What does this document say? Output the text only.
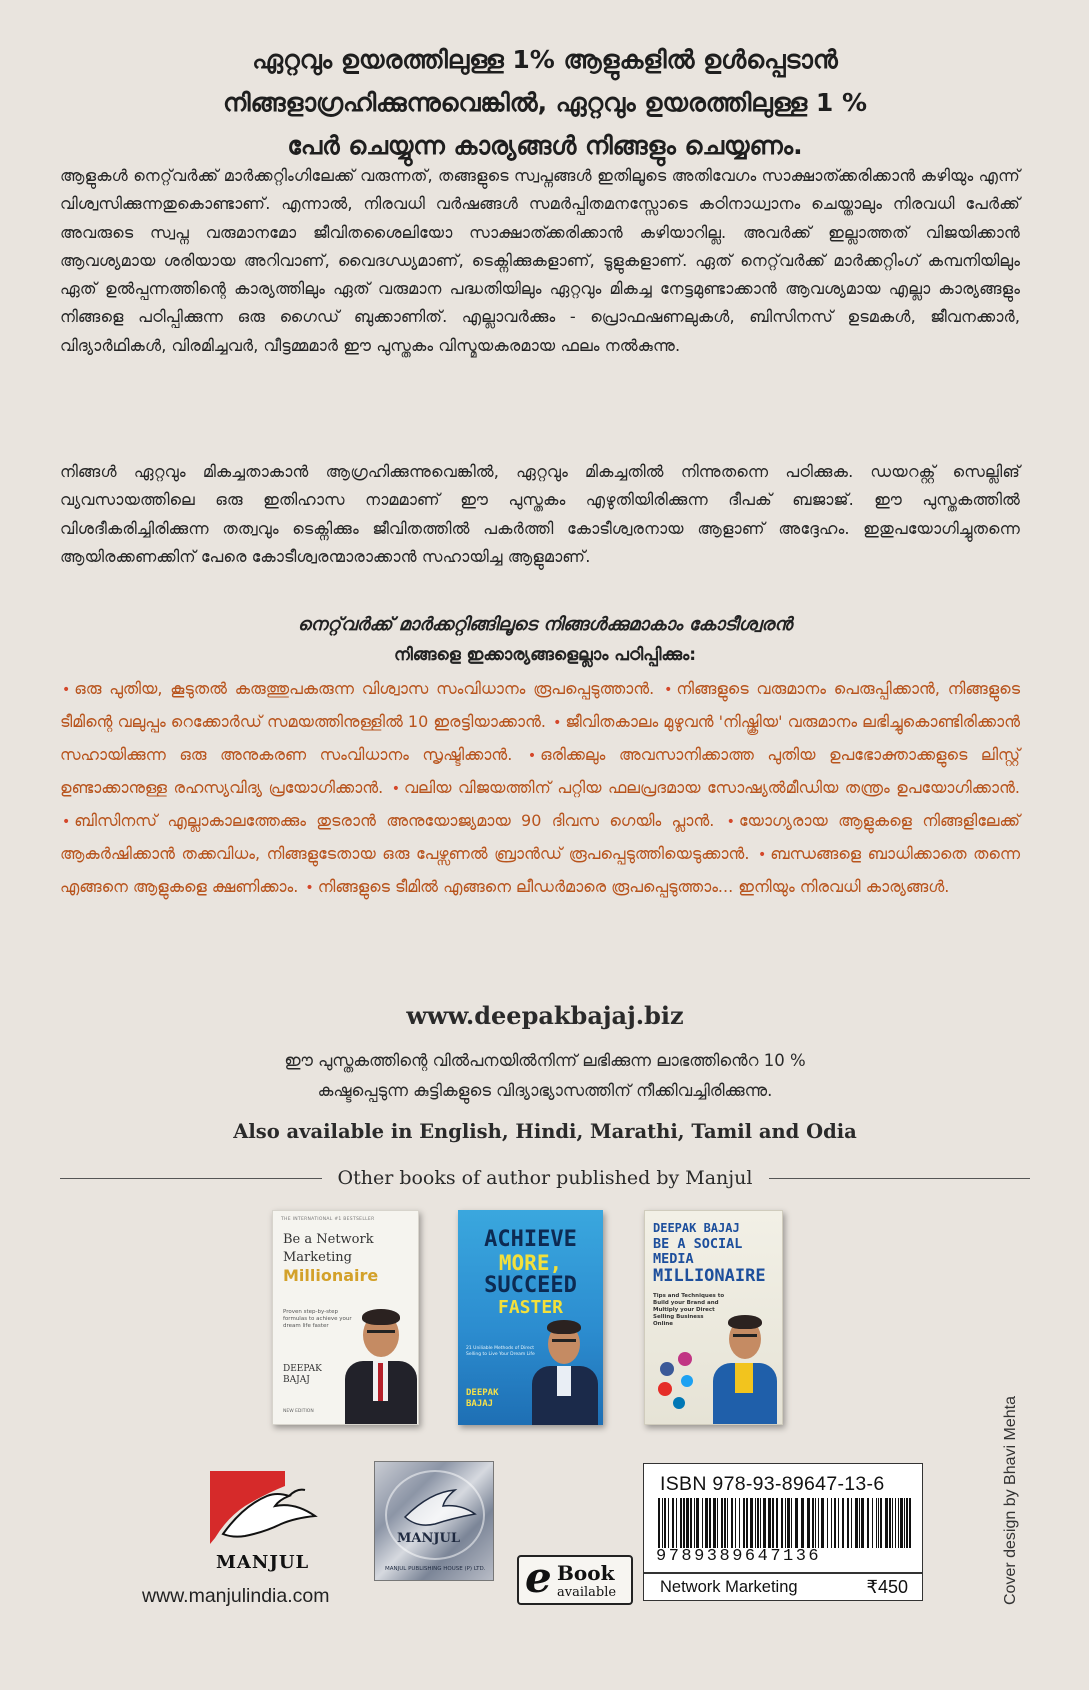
ഏറ്റവും ഉയരത്തിലുള്ള 1% ആളുകളിൽ ഉൾപ്പെടാൻ
നിങ്ങളാഗ്രഹിക്കുന്നുവെങ്കിൽ, ഏറ്റവും ഉയരത്തിലുള്ള 1 %
പേർ ചെയ്യുന്ന കാര്യങ്ങൾ നിങ്ങളും ചെയ്യണം.

ആളുകൾ നെറ്റ്‌വർക്ക് മാർക്കറ്റിംഗിലേക്ക് വരുന്നത്, തങ്ങളുടെ സ്വപ്നങ്ങൾ ഇതിലൂടെ അതിവേഗം സാക്ഷാത്ക്കരിക്കാൻ കഴിയും എന്ന് വിശ്വസിക്കുന്നതുകൊണ്ടാണ്. എന്നാൽ, നിരവധി വർഷങ്ങൾ സമർപ്പിതമനസ്സോടെ കഠിനാധ്വാനം ചെയ്താലും നിരവധി പേർക്ക് അവരുടെ സ്വപ്ന വരുമാനമോ ജീവിതശൈലിയോ സാക്ഷാത്ക്കരിക്കാൻ കഴിയാറില്ല. അവർക്ക് ഇല്ലാത്തത് വിജയിക്കാൻ ആവശ്യമായ ശരിയായ അറിവാണ്, വൈദഗ്ധ്യമാണ്, ടെക്നിക്കുകളാണ്, ടൂളുകളാണ്. ഏത് നെറ്റ്‌വർക്ക് മാർക്കറ്റിംഗ് കമ്പനിയിലും ഏത് ഉൽപ്പന്നത്തിന്റെ കാര്യത്തിലും ഏത് വരുമാന പദ്ധതിയിലും ഏറ്റവും മികച്ച നേട്ടമുണ്ടാക്കാൻ ആവശ്യമായ എല്ലാ കാര്യങ്ങളും നിങ്ങളെ പഠിപ്പിക്കുന്ന ഒരു ഗൈഡ് ബുക്കാണിത്. എല്ലാവർക്കും - പ്രൊഫഷണലുകൾ, ബിസിനസ് ഉടമകൾ, ജീവനക്കാർ, വിദ്യാർഥികൾ, വിരമിച്ചവർ, വീട്ടമ്മമാർ ഈ പുസ്തകം വിസ്മയകരമായ ഫലം നൽകുന്നു.

നിങ്ങൾ ഏറ്റവും മികച്ചതാകാൻ ആഗ്രഹിക്കുന്നുവെങ്കിൽ, ഏറ്റവും മികച്ചതിൽ നിന്നുതന്നെ പഠിക്കുക. ഡയറക്റ്റ് സെല്ലിങ് വ്യവസായത്തിലെ ഒരു ഇതിഹാസ നാമമാണ് ഈ പുസ്തകം എഴുതിയിരിക്കുന്ന ദീപക് ബജാജ്. ഈ പുസ്തകത്തിൽ വിശദീകരിച്ചിരിക്കുന്ന തത്വവും ടെക്നിക്കും ജീവിതത്തിൽ പകർത്തി കോടീശ്വരനായ ആളാണ് അദ്ദേഹം. ഇതുപയോഗിച്ചുതന്നെ ആയിരക്കണക്കിന് പേരെ കോടീശ്വരന്മാരാക്കാൻ സഹായിച്ച ആളുമാണ്.

നെറ്റ്‌വർക്ക് മാർക്കറ്റിങ്ങിലൂടെ നിങ്ങൾക്കുമാകാം കോടീശ്വരൻ
നിങ്ങളെ ഇക്കാര്യങ്ങളെല്ലാം പഠിപ്പിക്കും:
• ഒരു പുതിയ, കൂടുതൽ കരുത്തുപകരുന്ന വിശ്വാസ സംവിധാനം രൂപപ്പെടുത്താൻ. • നിങ്ങളുടെ വരുമാനം പെരുപ്പിക്കാൻ, നിങ്ങളുടെ ടീമിന്റെ വലുപ്പം റെക്കോർഡ് സമയത്തിനുള്ളിൽ 10 ഇരട്ടിയാക്കാൻ. • ജീവിതകാലം മുഴുവൻ 'നിഷ്ക്രിയ' വരുമാനം ലഭിച്ചുകൊണ്ടിരിക്കാൻ സഹായിക്കുന്ന ഒരു അനുകരണ സംവിധാനം സൃഷ്ടിക്കാൻ. • ഒരിക്കലും അവസാനിക്കാത്ത പുതിയ ഉപഭോക്താക്കളുടെ ലിസ്റ്റ് ഉണ്ടാക്കാനുള്ള രഹസ്യവിദ്യ പ്രയോഗിക്കാൻ. • വലിയ വിജയത്തിന് പറ്റിയ ഫലപ്രദമായ സോഷ്യൽമീഡിയ തന്ത്രം ഉപയോഗിക്കാൻ. • ബിസിനസ് എല്ലാകാലത്തേക്കും തുടരാൻ അനുയോജ്യമായ 90 ദിവസ ഗെയിം പ്ലാൻ. • യോഗ്യരായ ആളുകളെ നിങ്ങളിലേക്ക് ആകർഷിക്കാൻ തക്കവിധം, നിങ്ങളുടേതായ ഒരു പേഴ്സണൽ ബ്രാൻഡ് രൂപപ്പെടുത്തിയെടുക്കാൻ. • ബന്ധങ്ങളെ ബാധിക്കാതെ തന്നെ എങ്ങനെ ആളുകളെ ക്ഷണിക്കാം. • നിങ്ങളുടെ ടീമിൽ എങ്ങനെ ലീഡർമാരെ രൂപപ്പെടുത്താം... ഇനിയും നിരവധി കാര്യങ്ങൾ.
www.deepakbajaj.biz
ഈ പുസ്തകത്തിന്റെ വിൽപനയിൽനിന്ന് ലഭിക്കുന്ന ലാഭത്തിൻെറ 10 %
കഷ്ടപ്പെടുന്ന കുട്ടികളുടെ വിദ്യാഭ്യാസത്തിന് നീക്കിവച്ചിരിക്കുന്നു.
Also available in English, Hindi, Marathi, Tamil and Odia
Other books of author published by Manjul
THE INTERNATIONAL #1 BESTSELLER
Be a Network
Marketing
Millionaire
Proven step-by-step formulas to achieve your dream life faster
DEEPAK
BAJAJ
NEW EDITION
ACHIEVE
MORE,
SUCCEED
FASTER
21 Uniliable Methods of Direct Selling to Live Your Dream Life
DEEPAK
BAJAJ
DEEPAK BAJAJ
BE A SOCIAL MEDIA
MILLIONAIRE
Tips and Techniques to Build your Brand and Multiply your Direct Selling Business Online
MANJUL
www.manjulindia.com
MANJUL
MANJUL PUBLISHING HOUSE (P) LTD. e Book
available
ISBN 978-93-89647-13-6
9789389647136
Network Marketing	₹450	Cover design by Bhavi Mehta
